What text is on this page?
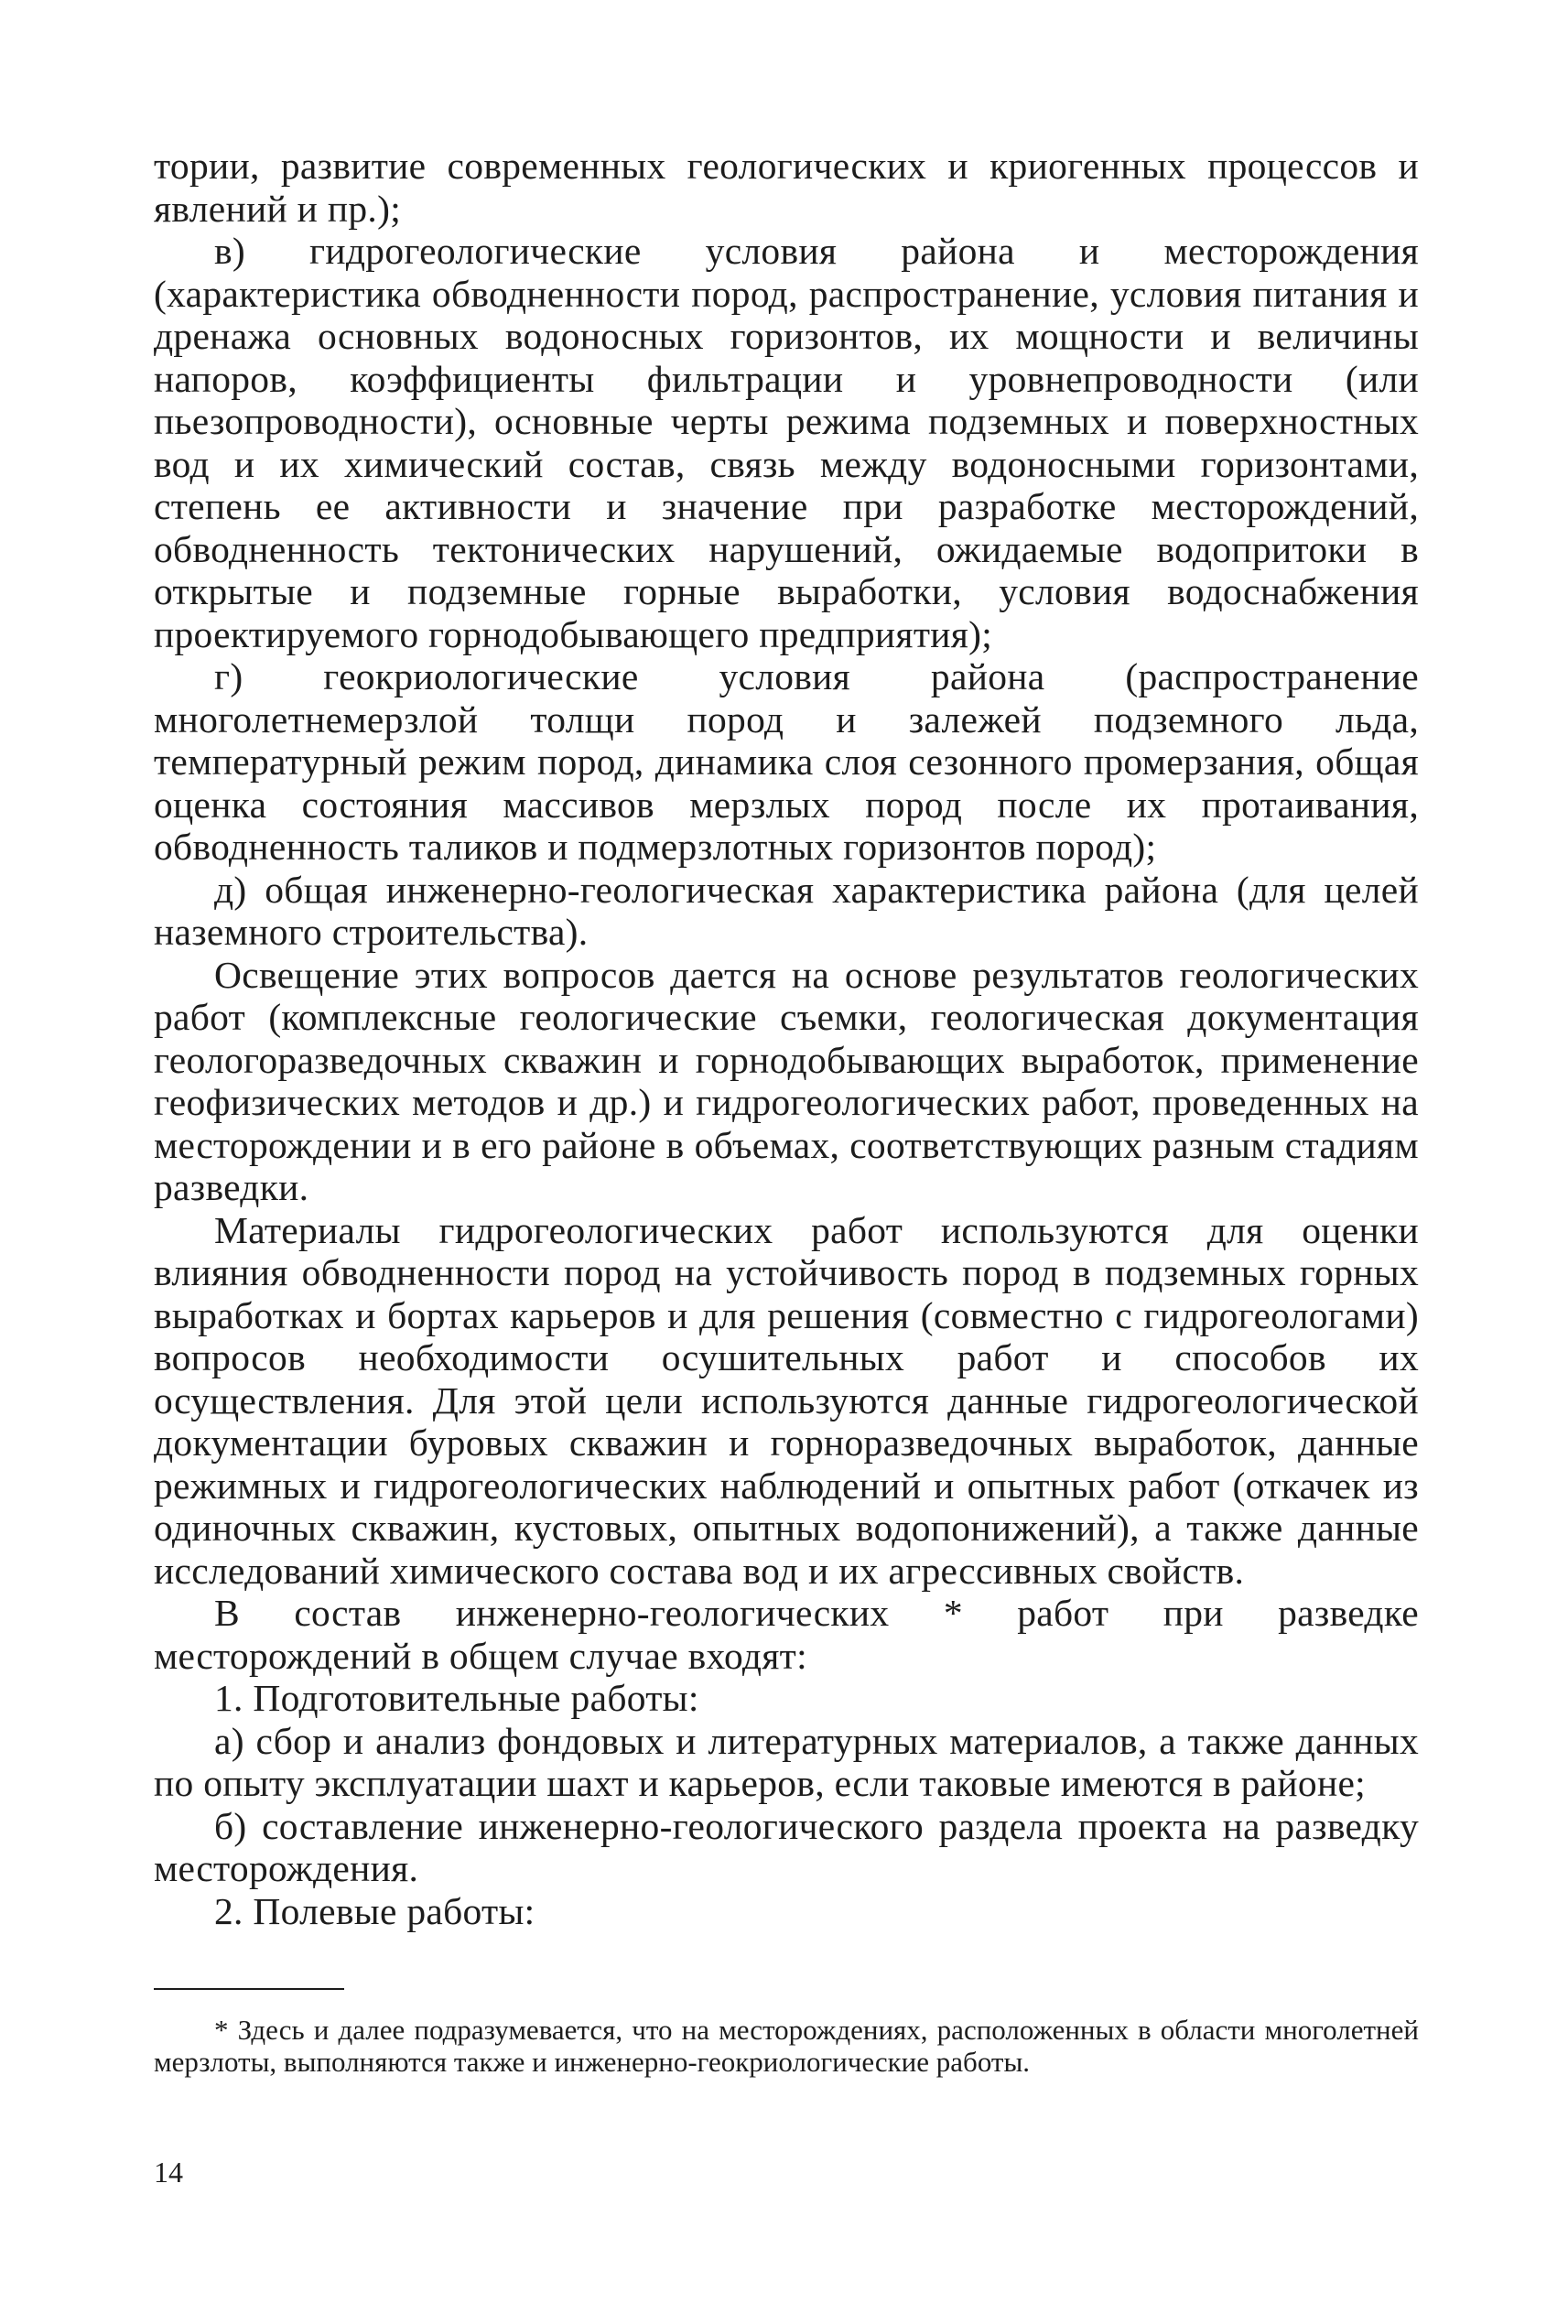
тории, развитие современных геологических и криогенных процессов и явлений и пр.);

в) гидрогеологические условия района и месторождения (характеристика обводненности пород, распространение, условия питания и дренажа основных водоносных горизонтов, их мощности и величины напоров, коэффициенты фильтрации и уровнепроводности (или пьезопроводности), основные черты режима подземных и поверхностных вод и их химический состав, связь между водоносными горизонтами, степень ее активности и значение при разработке месторождений, обводненность тектонических нарушений, ожидаемые водопритоки в открытые и подземные горные выработки, условия водоснабжения проектируемого горнодобывающего предприятия);

г) геокриологические условия района (распространение многолетнемерзлой толщи пород и залежей подземного льда, температурный режим пород, динамика слоя сезонного промерзания, общая оценка состояния массивов мерзлых пород после их протаивания, обводненность таликов и подмерзлотных горизонтов пород);

д) общая инженерно-геологическая характеристика района (для целей наземного строительства).

Освещение этих вопросов дается на основе результатов геологических работ (комплексные геологические съемки, геологическая документация геологоразведочных скважин и горнодобывающих выработок, применение геофизических методов и др.) и гидрогеологических работ, проведенных на месторождении и в его районе в объемах, соответствующих разным стадиям разведки.

Материалы гидрогеологических работ используются для оценки влияния обводненности пород на устойчивость пород в подземных горных выработках и бортах карьеров и для решения (совместно с гидрогеологами) вопросов необходимости осушительных работ и способов их осуществления. Для этой цели используются данные гидрогеологической документации буровых скважин и горноразведочных выработок, данные режимных и гидрогеологических наблюдений и опытных работ (откачек из одиночных скважин, кустовых, опытных водопонижений), а также данные исследований химического состава вод и их агрессивных свойств.

В состав инженерно-геологических * работ при разведке месторождений в общем случае входят:

1. Подготовительные работы:

а) сбор и анализ фондовых и литературных материалов, а также данных по опыту эксплуатации шахт и карьеров, если таковые имеются в районе;

б) составление инженерно-геологического раздела проекта на разведку месторождения.

2. Полевые работы:

* Здесь и далее подразумевается, что на месторождениях, расположенных в области многолетней мерзлоты, выполняются также и инженерно-геокриологические работы.

14
